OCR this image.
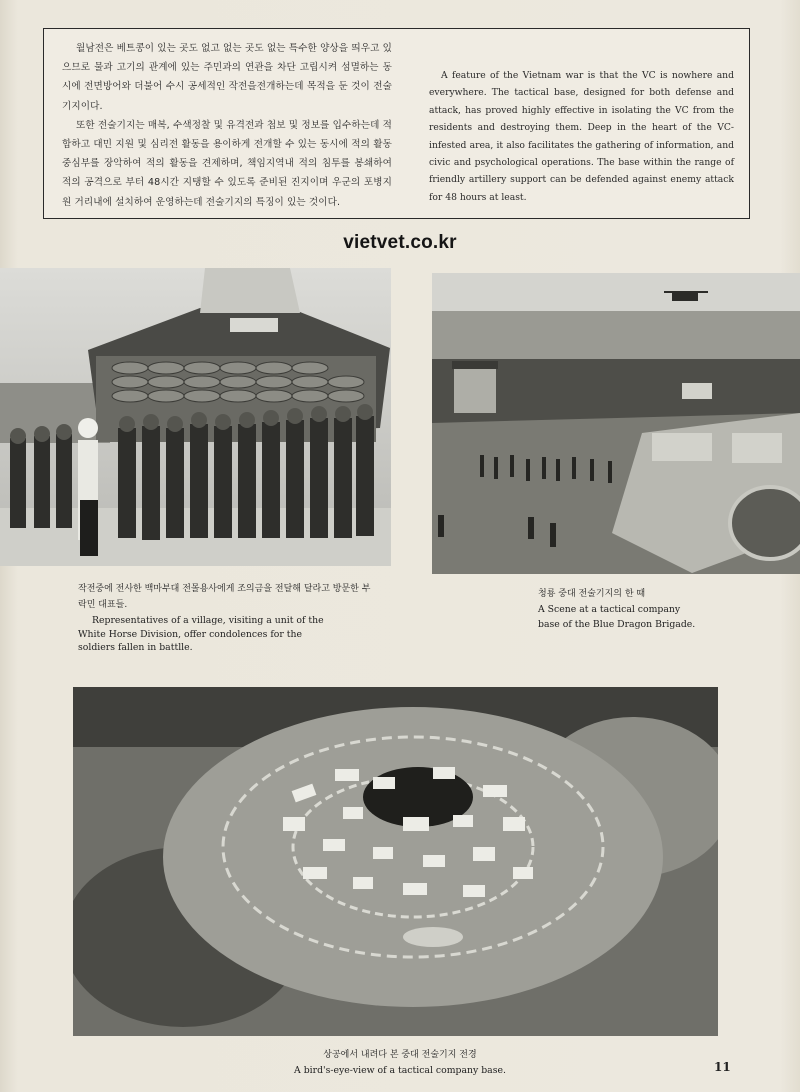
월남전은 베트콩이 있는 곳도 없고 없는 곳도 없는 특수한 양상을 띄우고 있으므로 물과 고기의 관계에 있는 주민과의 연관을 차단 고립시켜 섬멸하는 동시에 전면방어와 더불어 수시 공세적인 작전을전개하는데 목적을 둔 것이 전술기지이다.

또한 전술기지는 매복, 수색정찰 및 유격전과 첩보 및 정보를 입수하는데 적합하고 대민 지원 및 심리전 활동을 용이하게 전개할 수 있는 동시에 적의 활동중심부를 장악하여 적의 활동을 견제하며, 책임지역내 적의 침투를 봉쇄하여 적의 공격으로 부터 48시간 지탱할 수 있도록 준비된 진지이며 우군의 포병지원 거리내에 설치하여 운영하는데 전술기지의 특징이 있는 것이다.

A feature of the Vietnam war is that the VC is nowhere and everywhere. The tactical base, designed for both defense and attack, has proved highly effective in isolating the VC from the residents and destroying them. Deep in the heart of the VC-infested area, it also facilitates the gathering of information, and civic and psychological operations. The base within the range of friendly artillery support can be defended against enemy attack for 48 hours at least.

vietvet.co.kr
작전중에 전사한 백마부대 전몰용사에게 조의금을 전달해 달라고 방문한 부락민 대표들.
Representatives of a village, visiting a unit of the White Horse Division, offer condolences for the soldiers fallen in battlle.
청룡 중대 전술기지의 한 때
A Scene at a tactical company base of the Blue Dragon Brigade.
상공에서 내려다 본 중대 전술기지 전경
A bird's-eye-view of a tactical company base.	11
